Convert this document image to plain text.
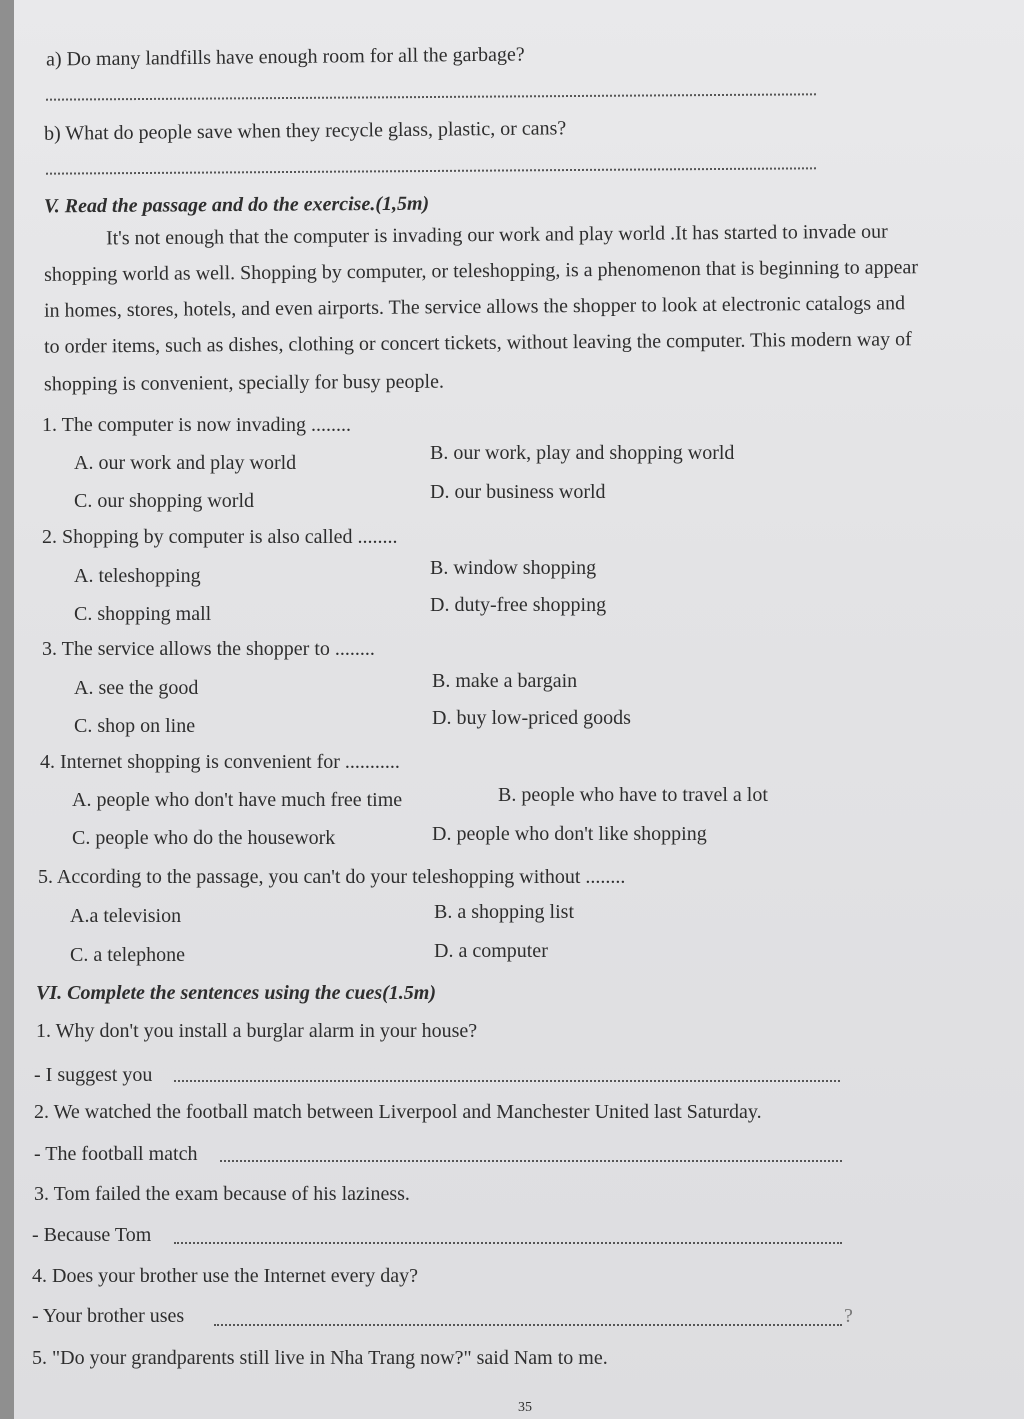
a) Do many landfills have enough room for all the garbage?
b) What do people save when they recycle glass, plastic, or cans?
V. Read the passage and do the exercise.(1,5m)
It's not enough that the computer is invading our work and play world .It has started to invade our
shopping world as well. Shopping by computer, or teleshopping, is a phenomenon that is beginning to appear
in homes, stores, hotels, and even airports. The service allows the shopper to look at electronic catalogs and
to order items, such as dishes, clothing or concert tickets, without leaving the computer. This modern way of
shopping is convenient, specially for busy people.
1. The computer is now invading ........
A. our work and play world	B. our work, play and shopping world
C. our shopping world	D. our business world
2. Shopping by computer is also called ........
A. teleshopping	B. window shopping
C. shopping mall	D. duty-free shopping
3. The service allows the shopper to ........
A. see the good	B. make a bargain
C. shop on line	D. buy low-priced goods
4. Internet shopping is convenient for ...........
A. people who don't have much free time	B. people who have to travel a lot
C. people who do the housework	D. people who don't like shopping
5. According to the passage, you can't do your teleshopping without ........
A.a television	B. a shopping list
C. a telephone	D. a computer
VI. Complete the sentences using the cues(1.5m)
1. Why don't you install a burglar alarm in your house?
- I suggest you
2. We watched the football match between Liverpool and Manchester United last Saturday.
- The football match
3. Tom failed the exam because of his laziness.
- Because Tom
4. Does your brother use the Internet every day?
- Your brother uses	?
5. "Do your grandparents still live in Nha Trang now?" said Nam to me.
35
